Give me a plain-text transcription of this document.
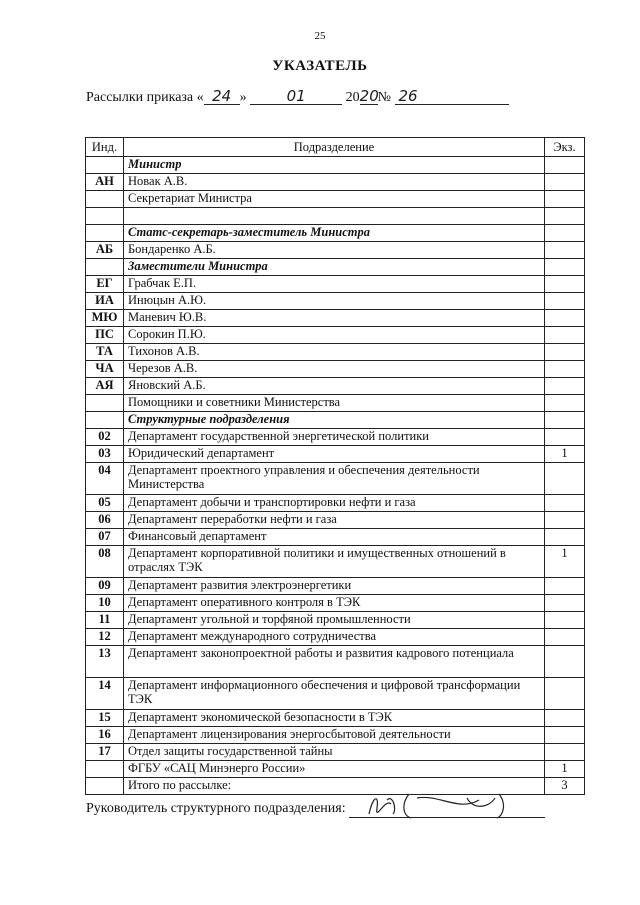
25
УКАЗАТЕЛЬ
Рассылки приказа « 24 »	01	2020№ 26
Инд.	Подразделение	Экз.
	Министр	
АН	Новак А.В.	
	Секретариат Министра	

	Статс-секретарь-заместитель Министра	
АБ	Бондаренко А.Б.	
	Заместители Министра	
ЕГ	Грабчак Е.П.	
ИА	Инюцын А.Ю.	
МЮ	Маневич Ю.В.	
ПС	Сорокин П.Ю.	
ТА	Тихонов А.В.	
ЧА	Черезов А.В.	
АЯ	Яновский А.Б.	
	Помощники и советники Министерства	
	Структурные подразделения	
02	Департамент государственной энергетической политики	
03	Юридический департамент	1
04	Департамент проектного управления и обеспечения деятельности Министерства	
05	Департамент добычи и транспортировки нефти и газа	
06	Департамент переработки нефти и газа	
07	Финансовый департамент	
08	Департамент корпоративной политики и имущественных отношений в отраслях ТЭК	1
09	Департамент развития электроэнергетики	
10	Департамент оперативного контроля в ТЭК	
11	Департамент угольной и торфяной промышленности	
12	Департамент международного сотрудничества	
13	Департамент законопроектной работы и развития кадрового потенциала	
14	Департамент информационного обеспечения и цифровой трансформации ТЭК	
15	Департамент экономической безопасности в ТЭК	
16	Департамент лицензирования энергосбытовой деятельности	
17	Отдел защиты государственной тайны	
	ФГБУ «САЦ Минэнерго России»	1
	Итого по рассылке:	3
Руководитель структурного подразделения:
